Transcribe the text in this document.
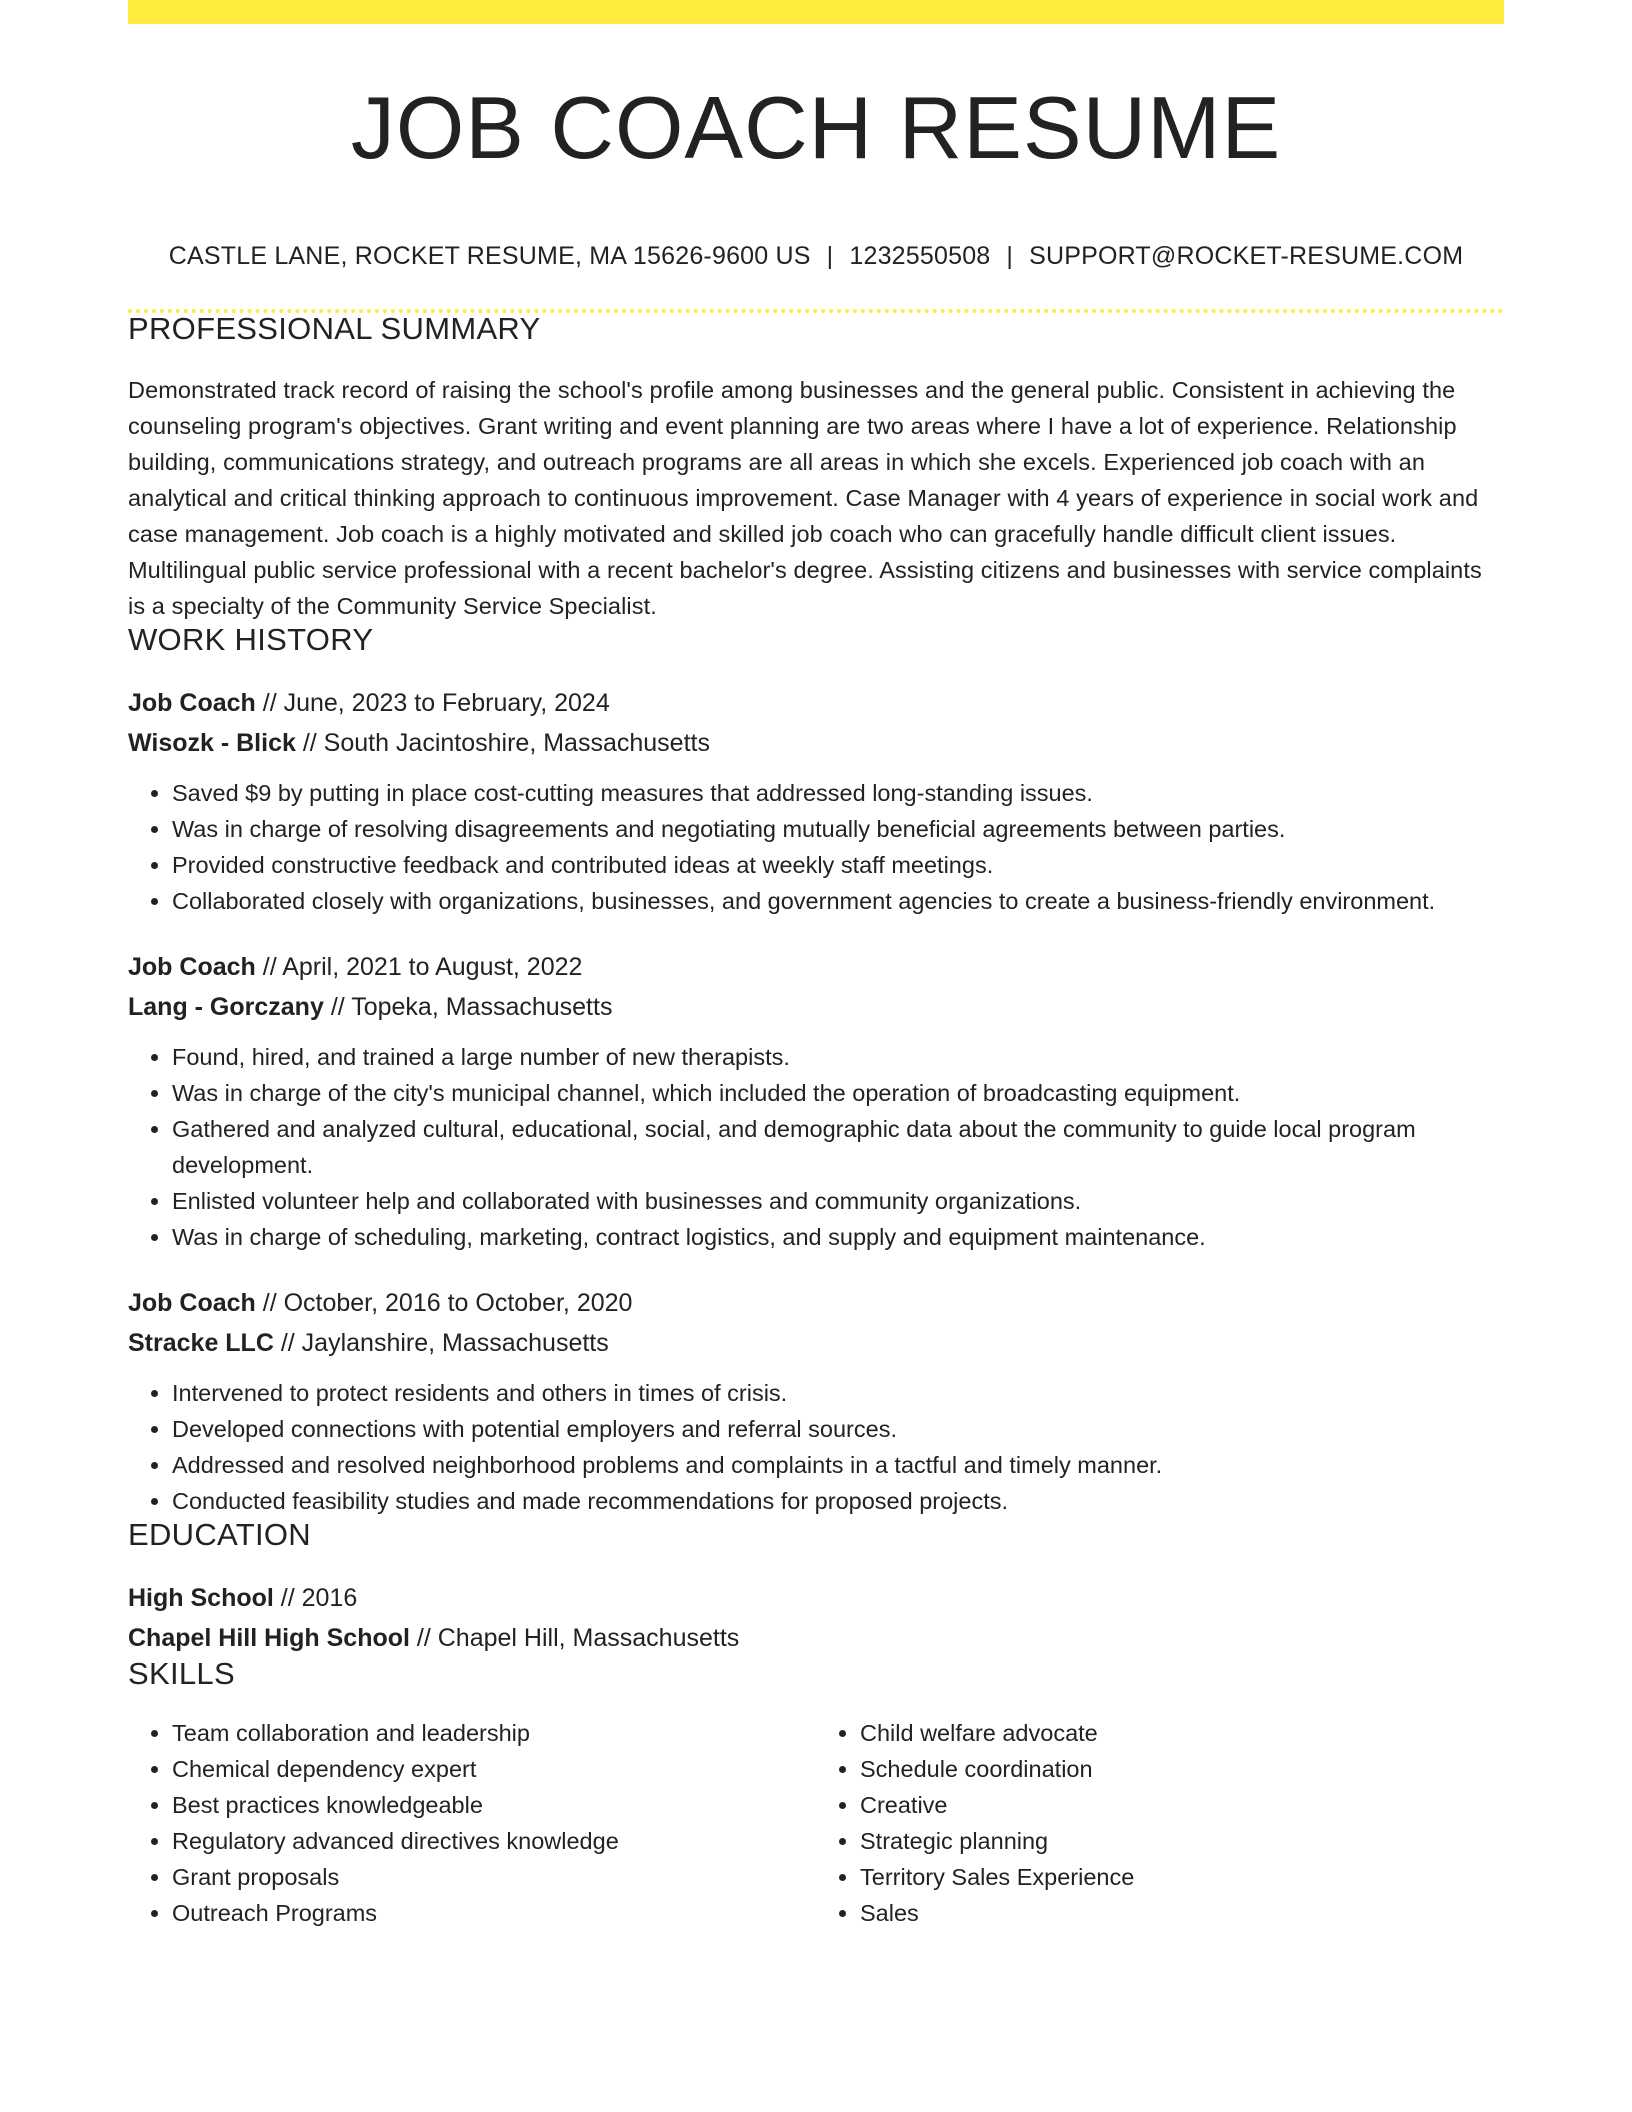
JOB COACH RESUME
CASTLE LANE, ROCKET RESUME, MA 15626-9600 US | 1232550508 | SUPPORT@ROCKET-RESUME.COM
PROFESSIONAL SUMMARY

Demonstrated track record of raising the school's profile among businesses and the general public. Consistent in achieving the counseling program's objectives. Grant writing and event planning are two areas where I have a lot of experience. Relationship building, communications strategy, and outreach programs are all areas in which she excels. Experienced job coach with an analytical and critical thinking approach to continuous improvement. Case Manager with 4 years of experience in social work and case management. Job coach is a highly motivated and skilled job coach who can gracefully handle difficult client issues. Multilingual public service professional with a recent bachelor's degree. Assisting citizens and businesses with service complaints is a specialty of the Community Service Specialist.

WORK HISTORY

Job Coach // June, 2023 to February, 2024

Wisozk - Blick // South Jacintoshire, Massachusetts

• Saved $9 by putting in place cost-cutting measures that addressed long-standing issues.
• Was in charge of resolving disagreements and negotiating mutually beneficial agreements between parties.
• Provided constructive feedback and contributed ideas at weekly staff meetings.
• Collaborated closely with organizations, businesses, and government agencies to create a business-friendly environment.

Job Coach // April, 2021 to August, 2022

Lang - Gorczany // Topeka, Massachusetts

• Found, hired, and trained a large number of new therapists.
• Was in charge of the city's municipal channel, which included the operation of broadcasting equipment.
• Gathered and analyzed cultural, educational, social, and demographic data about the community to guide local program development.
• Enlisted volunteer help and collaborated with businesses and community organizations.
• Was in charge of scheduling, marketing, contract logistics, and supply and equipment maintenance.

Job Coach // October, 2016 to October, 2020

Stracke LLC // Jaylanshire, Massachusetts

• Intervened to protect residents and others in times of crisis.
• Developed connections with potential employers and referral sources.
• Addressed and resolved neighborhood problems and complaints in a tactful and timely manner.
• Conducted feasibility studies and made recommendations for proposed projects.
EDUCATION

High School // 2016

Chapel Hill High School // Chapel Hill, Massachusetts

SKILLS
• Team collaboration and leadership
• Chemical dependency expert
• Best practices knowledgeable
• Regulatory advanced directives knowledge
• Grant proposals
• Outreach Programs
• Child welfare advocate
• Schedule coordination
• Creative
• Strategic planning
• Territory Sales Experience
• Sales
